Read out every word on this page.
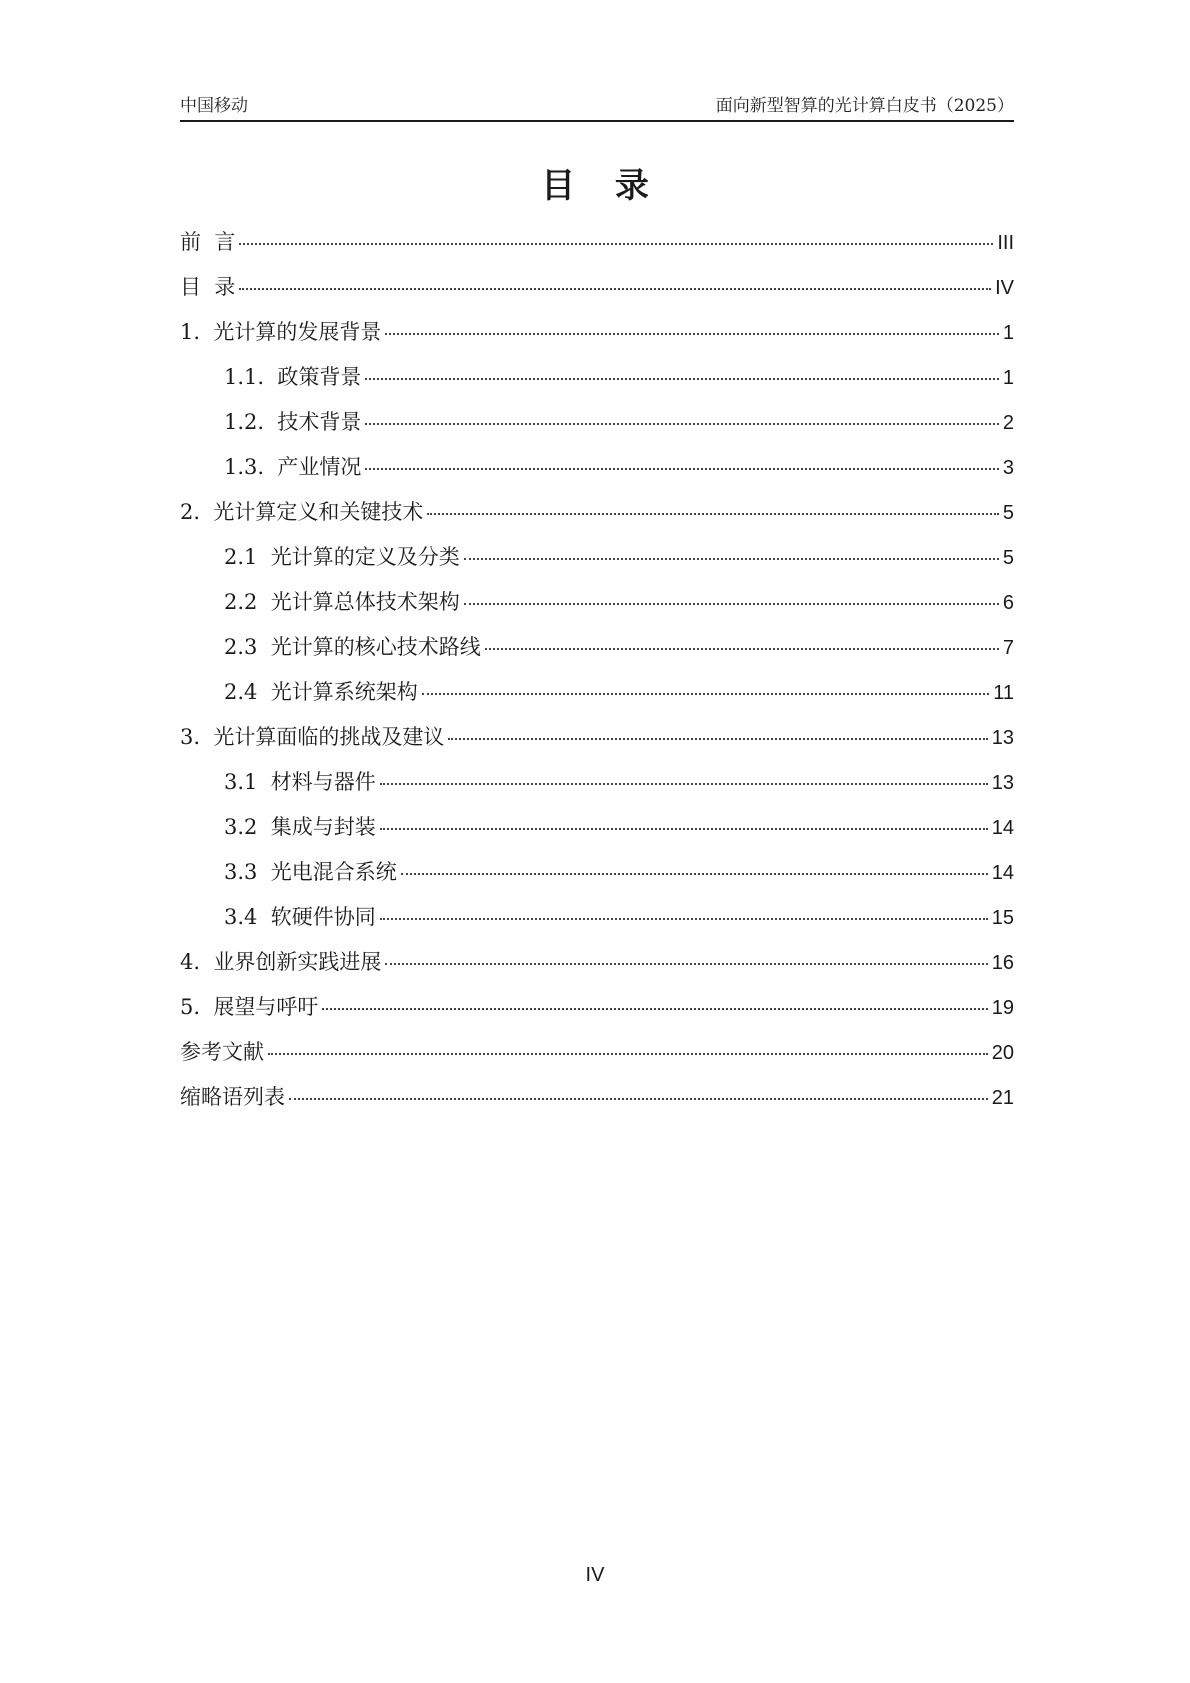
中国移动	面向新型智算的光计算白皮书（2025）
目 录
前  言	III
目  录	IV
1.  光计算的发展背景	1
1.1.  政策背景	1
1.2.  技术背景	2
1.3.  产业情况	3
2.  光计算定义和关键技术	5
2.1  光计算的定义及分类	5
2.2  光计算总体技术架构	6
2.3  光计算的核心技术路线	7
2.4  光计算系统架构	11
3.  光计算面临的挑战及建议	13
3.1  材料与器件	13
3.2  集成与封装	14
3.3  光电混合系统	14
3.4  软硬件协同	15
4.  业界创新实践进展	16
5.  展望与呼吁	19
参考文献	20
缩略语列表	21
IV
